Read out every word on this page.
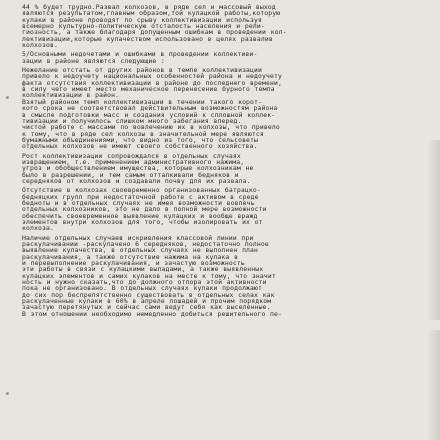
44 % будет трудно.Развал колхозов, в ряде сел и массовый выход

являются результатом,главным образом,той кулацкой работы,которую

кулаки в районе проводят по срыву коллективизации используя

всемерно культурно-политическую отсталость населения и рели-

гиозность, а также благодаря допущенным ошибкам в проведении кол-

лективизации,которые кулачеством использовано в целях развалив

колхозов.

5/Основными недочетами и ошибками в проведении коллективи-

зации в районе являются следующие :

Нежелание отстать от других районов в темпе коллективизации

привело к недоучету национальных особенностей района и недоучету

факта отсутствия коллективизации в районе до последнего времени,

в силу чего имеет место механическое перенесение бурного темпа

коллективизации в район.

Взятый районом темп коллективизации в течении такого корот-

кого срока не соответствовал действительным возможностям района

в смысле подготовки масс и создания условий к сплошной коллек-

тивизации и получилось слишком много забегания вперед.

чистой работе с массами по вовлечению их в колхозы, что привело

к тому, что в ряде сел колхозы в значительной мере являются

бумажными объединениями, что видно из того, что сельсоветы

отдельных колхозов не имеют своего собственного хозяйства.

Рост коллективизации сопровождался в отдельных случаях

извращением, т.е. применением административного нажима,

угроз и обобществлением имущества, которые колхозникам не

было в разрешении, и тем самым отталкивали бедняков и

середняков от колхозов и создавали почву для их развала.

Отсутствие в колхозах своевременно организованных батрацко-

бедняцких групп при недостаточной работе с активом в среде

бедноты и в отдельных случаях не имея возможности вовлечь

отдельных колхозников, это не дало в полной мере возможности

обеспечить своевременное выявление кулацких и вообще вражд

элементов внутри колхозов для того, чтобы изолировать их от

колхоза.

Наличие отдельных случаев искривления классовой линии при

раскулачивании -раскулачено 6 середняков, недостаточно полное

выявление кулачества, в отдельных случаях не выполнен план

раскулачивания, а также отсутствие нажима на кулака в

и перевыполнение раскулачивания, и зачастую возможность

эти работы в связи с кулацкими выпадами, а также выявленных

кулацких элементов и самих кулаков на месте к тому, что значит

ность и нужно сказать,что до должного отпора этой активности

пока не организовано. В отдельных случаях кулаки продолжают

до сих пор беспрепятственно существовать в отдельных селах как

раскулаченные кулаки в 60% в апреле лошадей и прочим порядком

зачастую перетянутых и сейчас сами ведут себя как выселенные.

В этом отношении необходимо немедленно добиться решительного пе-
